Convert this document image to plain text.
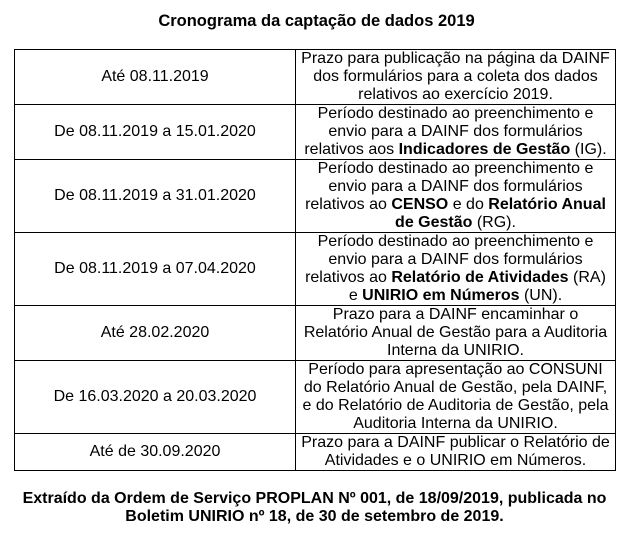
Cronograma da captação de dados 2019
Até 08.11.2019	Prazo para publicação na página da DAINF dos formulários para a coleta dos dados relativos ao exercício 2019.
De 08.11.2019 a 15.01.2020	Período destinado ao preenchimento e envio para a DAINF dos formulários relativos aos Indicadores de Gestão (IG).
De 08.11.2019 a 31.01.2020	Período destinado ao preenchimento e envio para a DAINF dos formulários relativos ao CENSO e do Relatório Anual de Gestão (RG).
De 08.11.2019 a 07.04.2020	Período destinado ao preenchimento e envio para a DAINF dos formulários relativos ao Relatório de Atividades (RA) e UNIRIO em Números (UN).
Até 28.02.2020	Prazo para a DAINF encaminhar o Relatório Anual de Gestão para a Auditoria Interna da UNIRIO.
De 16.03.2020 a 20.03.2020	Período para apresentação ao CONSUNI do Relatório Anual de Gestão, pela DAINF, e do Relatório de Auditoria de Gestão, pela Auditoria Interna da UNIRIO.
Até de 30.09.2020	Prazo para a DAINF publicar o Relatório de Atividades e o UNIRIO em Números.
Extraído da Ordem de Serviço PROPLAN Nº 001, de 18/09/2019, publicada no Boletim UNIRIO nº 18, de 30 de setembro de 2019.
